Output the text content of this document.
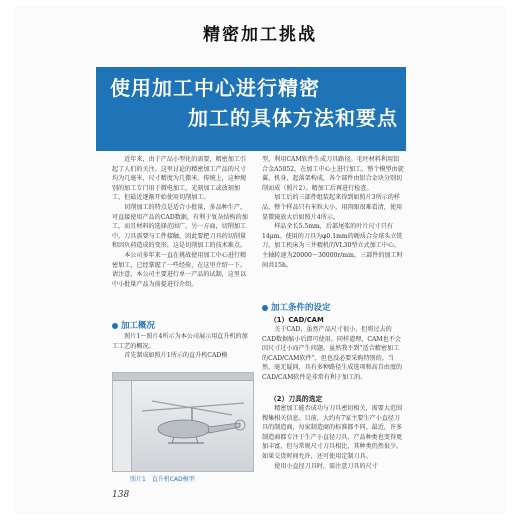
精密加工挑战
使用加工中心进行精密
加工的具体方法和要点

近年来，由于产品小型化的需要，精密加工引起了人们的关注。这里讨论的精密加工产品的尺寸均为几毫米，尺寸精度为几微米。传统上，这种规别的加工专门用于微电加工，光刻加工或放刻加工，但最近逐渐开始使用切削加工。

切削加工的特点是适合小批量，多品种生产，可直接使用产品的CAD数据，有利于复杂结构的加工，而且材料的选择范围广。另一方面，切削加工中，刀具需要与工件接触，因此要把刀具的切削量和因负荷造成的变形，这是切削加工的技术难点。

本公司多年来一直在挑战使用加工中心进行精密加工，已经掌握了一些经验，在这里介绍一下。请注意，本公司主要进行单一产品的试制，这里以中小批量产品为前提进行介绍。

加工概况

照片1～照片4所示为本公司展示用直升机的加工工艺的概况。

首先制成如照片1所示的直升机CAD模

照片1　直升机CAD模型

型，利用CAM软件生成刀具路径。毛坯材料利用铝合金A5052，在加工中心上进行加工。整个模型由旋翼、机身、起落架构成，各个部件由铝合金块分别切削而成（照片2）。精加工后再进行检查。

加工后的三部件组装起来得到如照片3所示的样品，整个样品只有米粒大小，用肉眼很难看清，使用显微镜放大后如照片4所示。

样品全长5.5mm，后部尾桨的叶片尺寸只有14μm。使用的刀具为φ0.1mm的硬质合金球头立铣刀。加工机床为三井精机的VL30型立式加工中心，主轴转速为20000～30000r/min，三部件的加工时间共15h。

加工条件的设定
（1）CAD/CAM

关于CAD，虽然产品尺寸很小，但将过去的CAD数据缩小后即可使用。同样道理，CAM也不会因尺寸过小而产生问题。虽然我不到“适合精密加工的CAD/CAM软件”，但也没必要采购特别的。当然，毫无疑问，具有多种路径生成选项和高自由度的CAD/CAM软件是非常有利于加工的。

（2）刀具的选定

精密加工能否成功与刀具密切相关，需要大范围搜集相关信息。目前，大约有7家主要生产小直径刀具的制造商，每家制造商的标准都不同。最近，许多制造商都专注于生产小直径刀具，产品种类也变得更加丰富，但与常规尺寸刀具相比，其种类仍然很少。如果交货时间允许，还可使用定制刀具。

使用小直径刀具时，需注意刀具的尺寸

138
